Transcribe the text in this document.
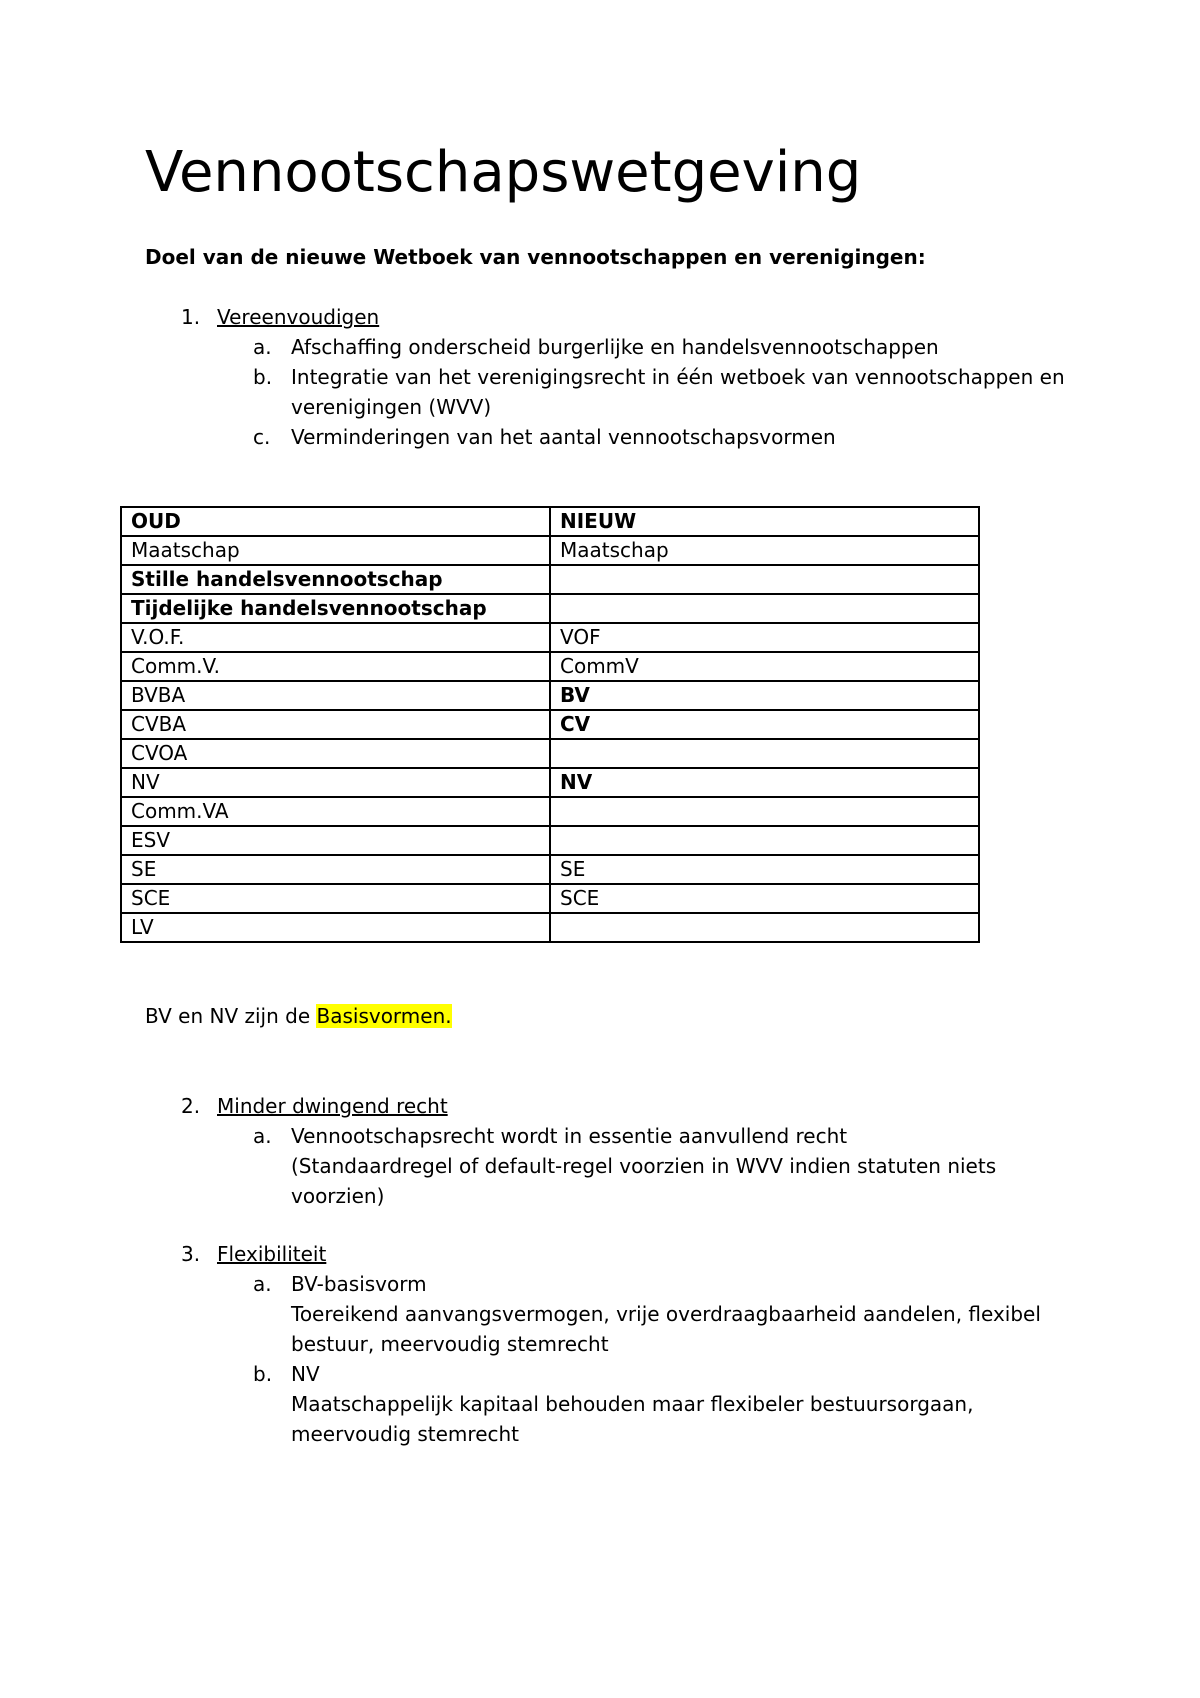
Vennootschapswetgeving

Doel van de nieuwe Wetboek van vennootschappen en verenigingen:

1. Vereenvoudigen
a. Afschaffing onderscheid burgerlijke en handelsvennootschappen
b. Integratie van het verenigingsrecht in één wetboek van vennootschappen en
verenigingen (WVV)
c. Verminderingen van het aantal vennootschapsvormen
OUD	NIEUW
Maatschap	Maatschap
Stille handelsvennootschap	
Tijdelijke handelsvennootschap	
V.O.F.	VOF
Comm.V.	CommV
BVBA	BV
CVBA	CV
CVOA	
NV	NV
Comm.VA	
ESV	
SE	SE
SCE	SCE
LV	
BV en NV zijn de Basisvormen.
2. Minder dwingend recht
a. Vennootschapsrecht wordt in essentie aanvullend recht
(Standaardregel of default-regel voorzien in WVV indien statuten niets
voorzien)
3. Flexibiliteit
a. BV-basisvorm
Toereikend aanvangsvermogen, vrije overdraagbaarheid aandelen, flexibel
bestuur, meervoudig stemrecht
b. NV
Maatschappelijk kapitaal behouden maar flexibeler bestuursorgaan,
meervoudig stemrecht
